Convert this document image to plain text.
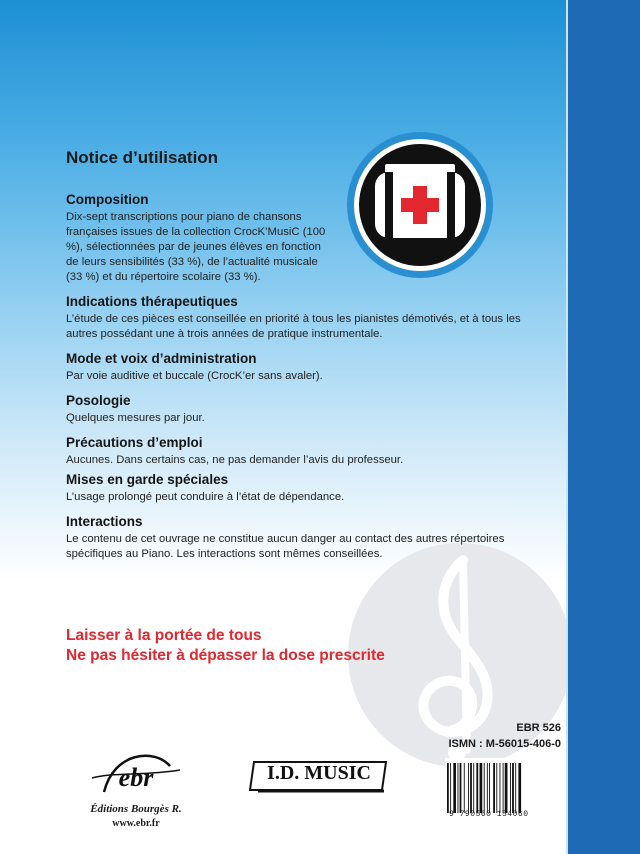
Notice d’utilisation
Composition

Dix-sept transcriptions pour piano de chansons françaises issues de la collection CrocK’MusiC (100 %), sélectionnées par de jeunes élèves en fonction de leurs sensibilités (33 %), de l’actualité musicale (33 %) et du répertoire scolaire (33 %).

Indications thérapeutiques

L’étude de ces pièces est conseillée en priorité à tous les pianistes démotivés, et à tous les autres possédant une à trois années de pratique instrumentale.

Mode et voix d’administration

Par voie auditive et buccale (CrocK’er sans avaler).

Posologie

Quelques mesures par jour.

Précautions d’emploi

Aucunes. Dans certains cas, ne pas demander l’avis du professeur.

Mises en garde spéciales

L’usage prolongé peut conduire à l’état de dépendance.

Interactions

Le contenu de cet ouvrage ne constitue aucun danger au contact des autres répertoires spécifiques au Piano. Les interactions sont mêmes conseillées.

Laisser à la portée de tous
Ne pas hésiter à dépasser la dose prescrite
ebr
Éditions Bourgès R.
www.ebr.fr
I.D. MUSIC
EBR 526
ISMN : M-56015-406-0
9 790560 154060
